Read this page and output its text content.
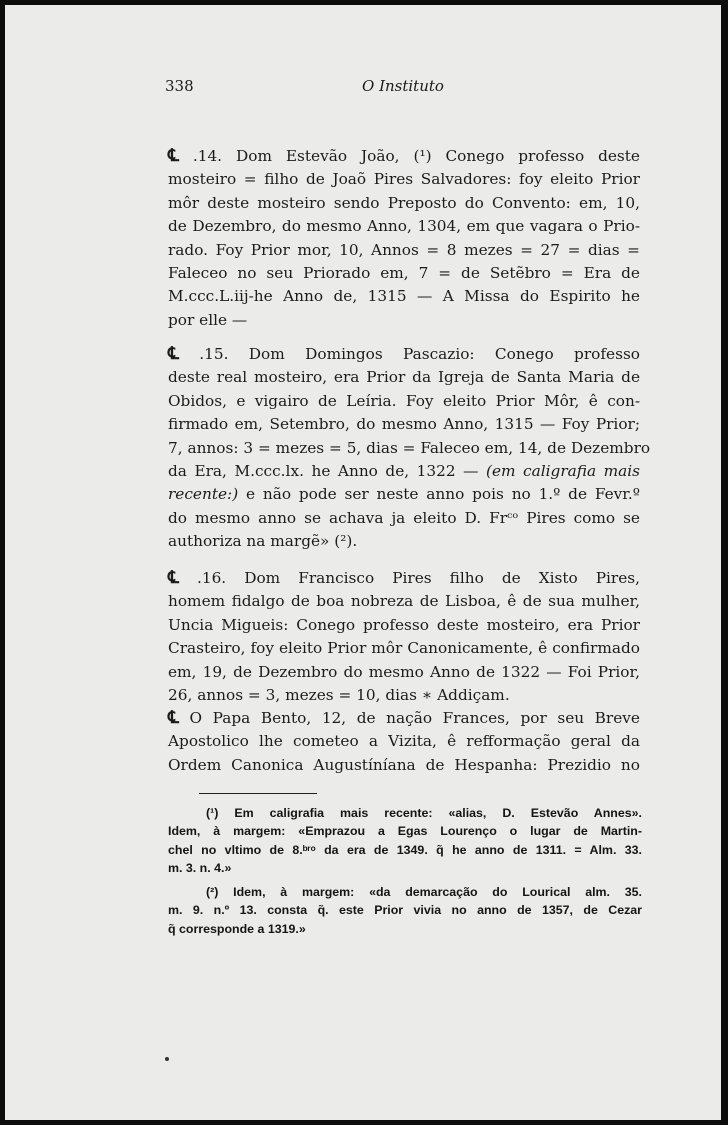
338	O Instituto
℄ .14. Dom Estevão João, (¹) Conego professo deste
mosteiro = filho de Joaõ Pires Salvadores: foy eleito Prior
môr deste mosteiro sendo Preposto do Convento: em, 10,
de Dezembro, do mesmo Anno, 1304, em que vagara o Prio-
rado. Foy Prior mor, 10, Annos = 8 mezes = 27 = dias =
Faleceo no seu Priorado em, 7 = de Setẽbro = Era de
M.ccc.L.iij-he Anno de, 1315 — A Missa do Espirito he
por elle —
℄ .15. Dom Domingos Pascazio: Conego professo
deste real mosteiro, era Prior da Igreja de Santa Maria de
Obidos, e vigairo de Leíria. Foy eleito Prior Môr, ê con-
firmado em, Setembro, do mesmo Anno, 1315 — Foy Prior;
7, annos: 3 = mezes = 5, dias = Faleceo em, 14, de Dezembro
da Era, M.ccc.lx. he Anno de, 1322 — (em caligrafia mais
recente:) e não pode ser neste anno pois no 1.º de Fevr.º
do mesmo anno se achava ja eleito D. Frᶜᵒ Pires como se
authoriza na margẽ» (²).
℄ .16. Dom Francisco Pires filho de Xisto Pires,
homem fidalgo de boa nobreza de Lisboa, ê de sua mulher,
Uncia Migueis: Conego professo deste mosteiro, era Prior
Crasteiro, foy eleito Prior môr Canonicamente, ê confirmado
em, 19, de Dezembro do mesmo Anno de 1322 — Foi Prior,
26, annos = 3, mezes = 10, dias ∗ Addiçam.
℄ O Papa Bento, 12, de nação Frances, por seu Breve
Apostolico lhe cometeo a Vizita, ê refformação geral da
Ordem Canonica Augustíníana de Hespanha: Prezidio no
(¹) Em caligrafia mais recente: «alias, D. Estevão Annes».
Idem, à margem: «Emprazou a Egas Lourenço o lugar de Martin-
chel no vltimo de 8.ᵇʳᵒ da era de 1349. q̃ he anno de 1311. = Alm. 33.
m. 3. n. 4.»
(²) Idem, à margem: «da demarcação do Lourical alm. 35.
m. 9. n.º 13. consta q̃. este Prior vivia no anno de 1357, de Cezar
q̃ corresponde a 1319.»
